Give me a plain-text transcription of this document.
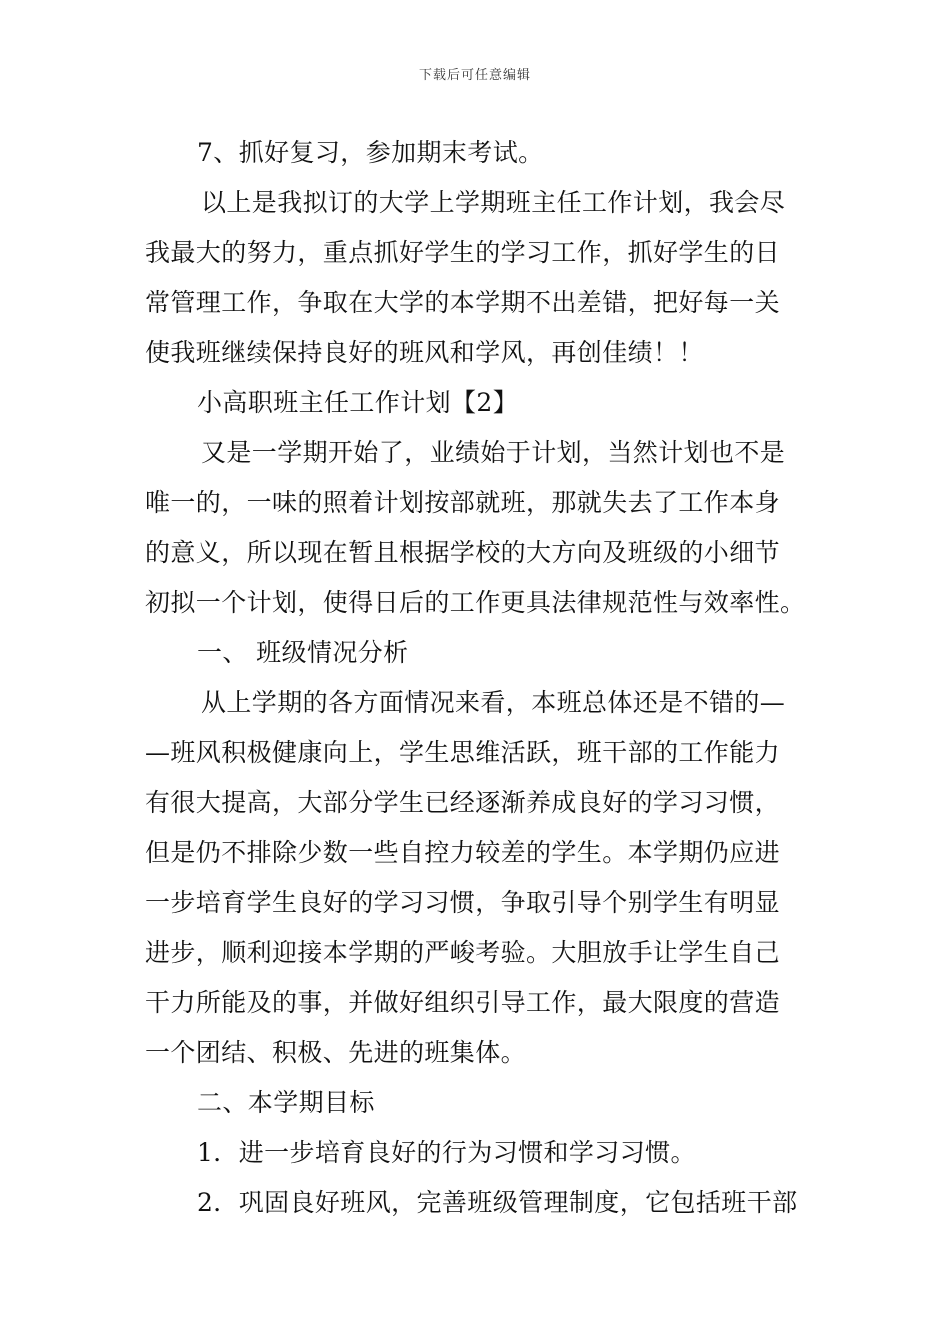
下载后可任意编辑
7、抓好复习，参加期末考试。
以上是我拟订的大学上学期班主任工作计划，我会尽
我最大的努力，重点抓好学生的学习工作，抓好学生的日
常管理工作，争取在大学的本学期不出差错，把好每一关
使我班继续保持良好的班风和学风，再创佳绩！！
小高职班主任工作计划【2】
又是一学期开始了，业绩始于计划，当然计划也不是
唯一的，一味的照着计划按部就班，那就失去了工作本身
的意义，所以现在暂且根据学校的大方向及班级的小细节
初拟一个计划，使得日后的工作更具法律规范性与效率性。
一、 班级情况分析
从上学期的各方面情况来看，本班总体还是不错的—
—班风积极健康向上，学生思维活跃，班干部的工作能力
有很大提高，大部分学生已经逐渐养成良好的学习习惯，
但是仍不排除少数一些自控力较差的学生。本学期仍应进
一步培育学生良好的学习习惯，争取引导个别学生有明显
进步，顺利迎接本学期的严峻考验。大胆放手让学生自己
干力所能及的事，并做好组织引导工作，最大限度的营造
一个团结、积极、先进的班集体。
二、本学期目标
1．进一步培育良好的行为习惯和学习习惯。
2．巩固良好班风，完善班级管理制度，它包括班干部
